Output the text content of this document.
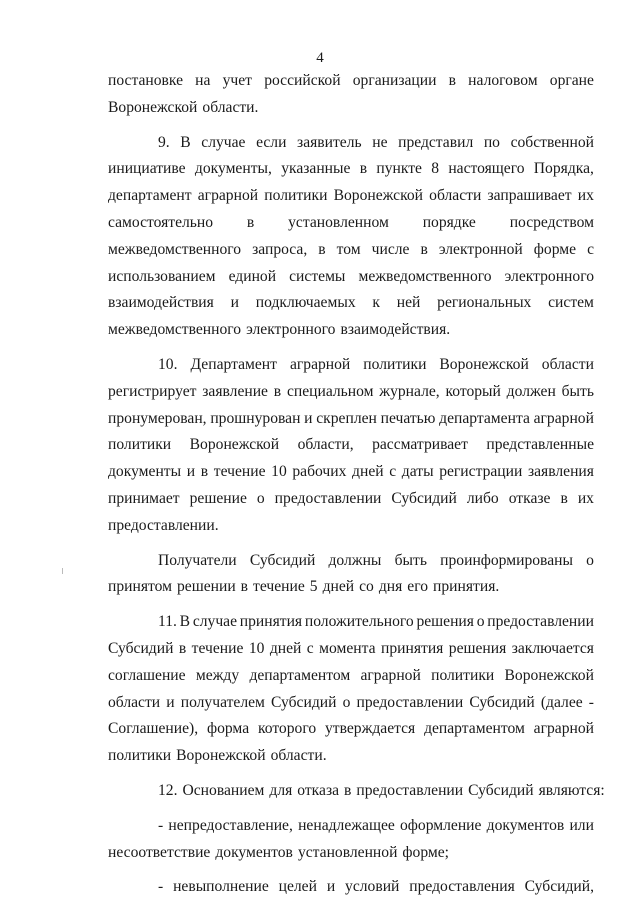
4
постановке на учет российской организации в налоговом органе
Воронежской области.
9. В случае если заявитель не представил по собственной
инициативе документы, указанные в пункте 8 настоящего Порядка,
департамент аграрной политики Воронежской области запрашивает их
самостоятельно в установленном порядке посредством
межведомственного запроса, в том числе в электронной форме с
использованием единой системы межведомственного электронного
взаимодействия и подключаемых к ней региональных систем
межведомственного электронного взаимодействия.
10. Департамент аграрной политики Воронежской области
регистрирует заявление в специальном журнале, который должен быть
пронумерован, прошнурован и скреплен печатью департамента аграрной
политики Воронежской области, рассматривает представленные
документы и в течение 10 рабочих дней с даты регистрации заявления
принимает решение о предоставлении Субсидий либо отказе в их
предоставлении.
Получатели Субсидий должны быть проинформированы о
принятом решении в течение 5 дней со дня его принятия.
11. В случае принятия положительного решения о предоставлении
Субсидий в течение 10 дней с момента принятия решения заключается
соглашение между департаментом аграрной политики Воронежской
области и получателем Субсидий о предоставлении Субсидий (далее -
Соглашение), форма которого утверждается департаментом аграрной
политики Воронежской области.
12. Основанием для отказа в предоставлении Субсидий являются:
- непредоставление, ненадлежащее оформление документов или
несоответствие документов установленной форме;
- невыполнение целей и условий предоставления Субсидий,
